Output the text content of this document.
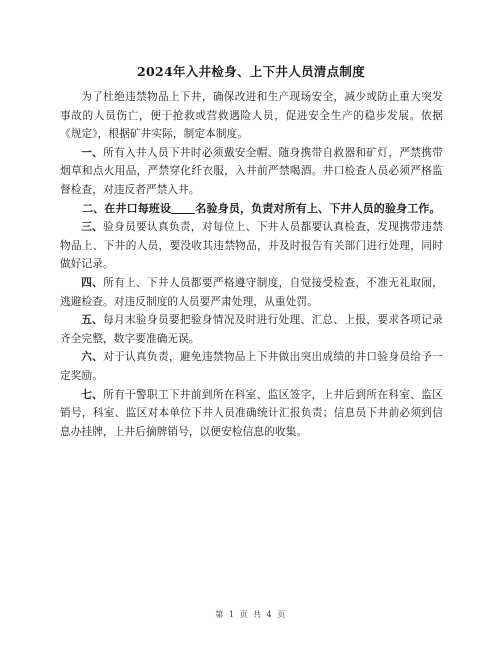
2024年入井检身、上下井人员清点制度

为了杜绝违禁物品上下井，确保改进和生产现场安全，减少或防止重大突发事故的人员伤亡，便于抢救或营救遇险人员，促进安全生产的稳步发展。依据《规定》，根据矿井实际，制定本制度。

一、所有入井人员下井时必须戴安全帽、随身携带自救器和矿灯，严禁携带烟草和点火用品，严禁穿化纤衣服，入井前严禁喝酒。井口检查人员必须严格监督检查，对违反者严禁入井。

二、在井口每班设 名验身员，负责对所有上、下井人员的验身工作。

三、验身员要认真负责，对每位上、下井人员都要认真检查，发现携带违禁物品上、下井的人员，要没收其违禁物品，并及时报告有关部门进行处理，同时做好记录。

四、所有上、下井人员都要严格遵守制度，自觉接受检查，不准无礼取闹，逃避检查。对违反制度的人员要严肃处理，从重处罚。

五、每月末验身员要把验身情况及时进行处理、汇总、上报，要求各项记录齐全完整，数字要准确无误。

六、对于认真负责，避免违禁物品上下井做出突出成绩的井口验身员给予一定奖励。

七、所有干警职工下井前到所在科室、监区签字，上井后到所在科室、监区销号，科室、监区对本单位下井人员准确统计汇报负责；信息员下井前必须到信息办挂牌，上井后摘牌销号，以便安检信息的收集。

第 1 页 共 4 页
